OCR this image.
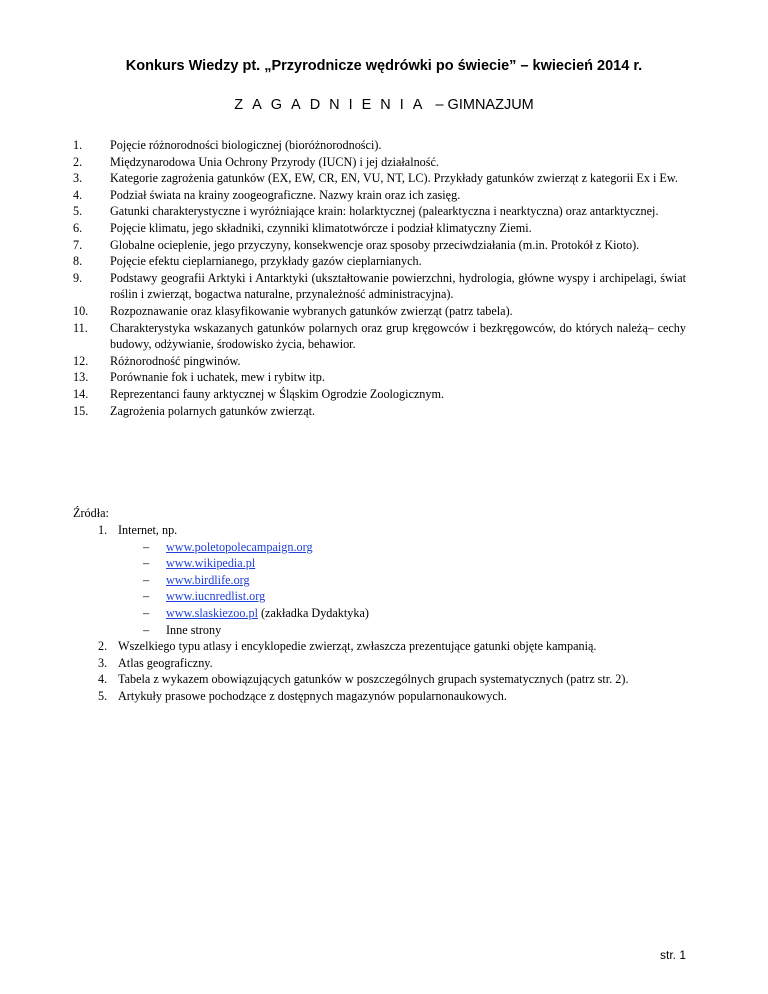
Konkurs Wiedzy pt. „Przyrodnicze wędrówki po świecie” – kwiecień 2014 r.
ZAGADNIENIA – GIMNAZJUM
1. Pojęcie różnorodności biologicznej (bioróżnorodności).
2. Międzynarodowa Unia Ochrony Przyrody (IUCN) i jej działalność.
3. Kategorie zagrożenia gatunków (EX, EW, CR, EN, VU, NT, LC). Przykłady gatunków zwierząt z kategorii Ex i Ew.
4. Podział świata na krainy zoogeograficzne. Nazwy krain oraz ich zasięg.
5. Gatunki charakterystyczne i wyróżniające krain: holarktycznej (palearktyczna i nearktyczna) oraz antarktycznej.
6. Pojęcie klimatu, jego składniki, czynniki klimatotwórcze i podział klimatyczny Ziemi.
7. Globalne ocieplenie, jego przyczyny, konsekwencje oraz sposoby przeciwdziałania (m.in. Protokół z Kioto).
8. Pojęcie efektu cieplarnianego, przykłady gazów cieplarnianych.
9. Podstawy geografii Arktyki i Antarktyki (ukształtowanie powierzchni, hydrologia, główne wyspy i archipelagi, świat roślin i zwierząt, bogactwa naturalne, przynależność administracyjna).
10. Rozpoznawanie oraz klasyfikowanie wybranych gatunków zwierząt (patrz tabela).
11. Charakterystyka wskazanych gatunków polarnych oraz grup kręgowców i bezkręgowców, do których należą– cechy budowy, odżywianie, środowisko życia, behawior.
12. Różnorodność pingwinów.
13. Porównanie fok i uchatek, mew i rybitw itp.
14. Reprezentanci fauny arktycznej w Śląskim Ogrodzie Zoologicznym.
15. Zagrożenia polarnych gatunków zwierząt.
Źródła:
1. Internet, np.
– www.poletopolecampaign.org
– www.wikipedia.pl
– www.birdlife.org
– www.iucnredlist.org
– www.slaskiezoo.pl (zakładka Dydaktyka)
– Inne strony
2. Wszelkiego typu atlasy i encyklopedie zwierząt, zwłaszcza prezentujące gatunki objęte kampanią.
3. Atlas geograficzny.
4. Tabela z wykazem obowiązujących gatunków w poszczególnych grupach systematycznych (patrz str. 2).
5. Artykuły prasowe pochodzące z dostępnych magazynów popularnonaukowych.
str. 1
